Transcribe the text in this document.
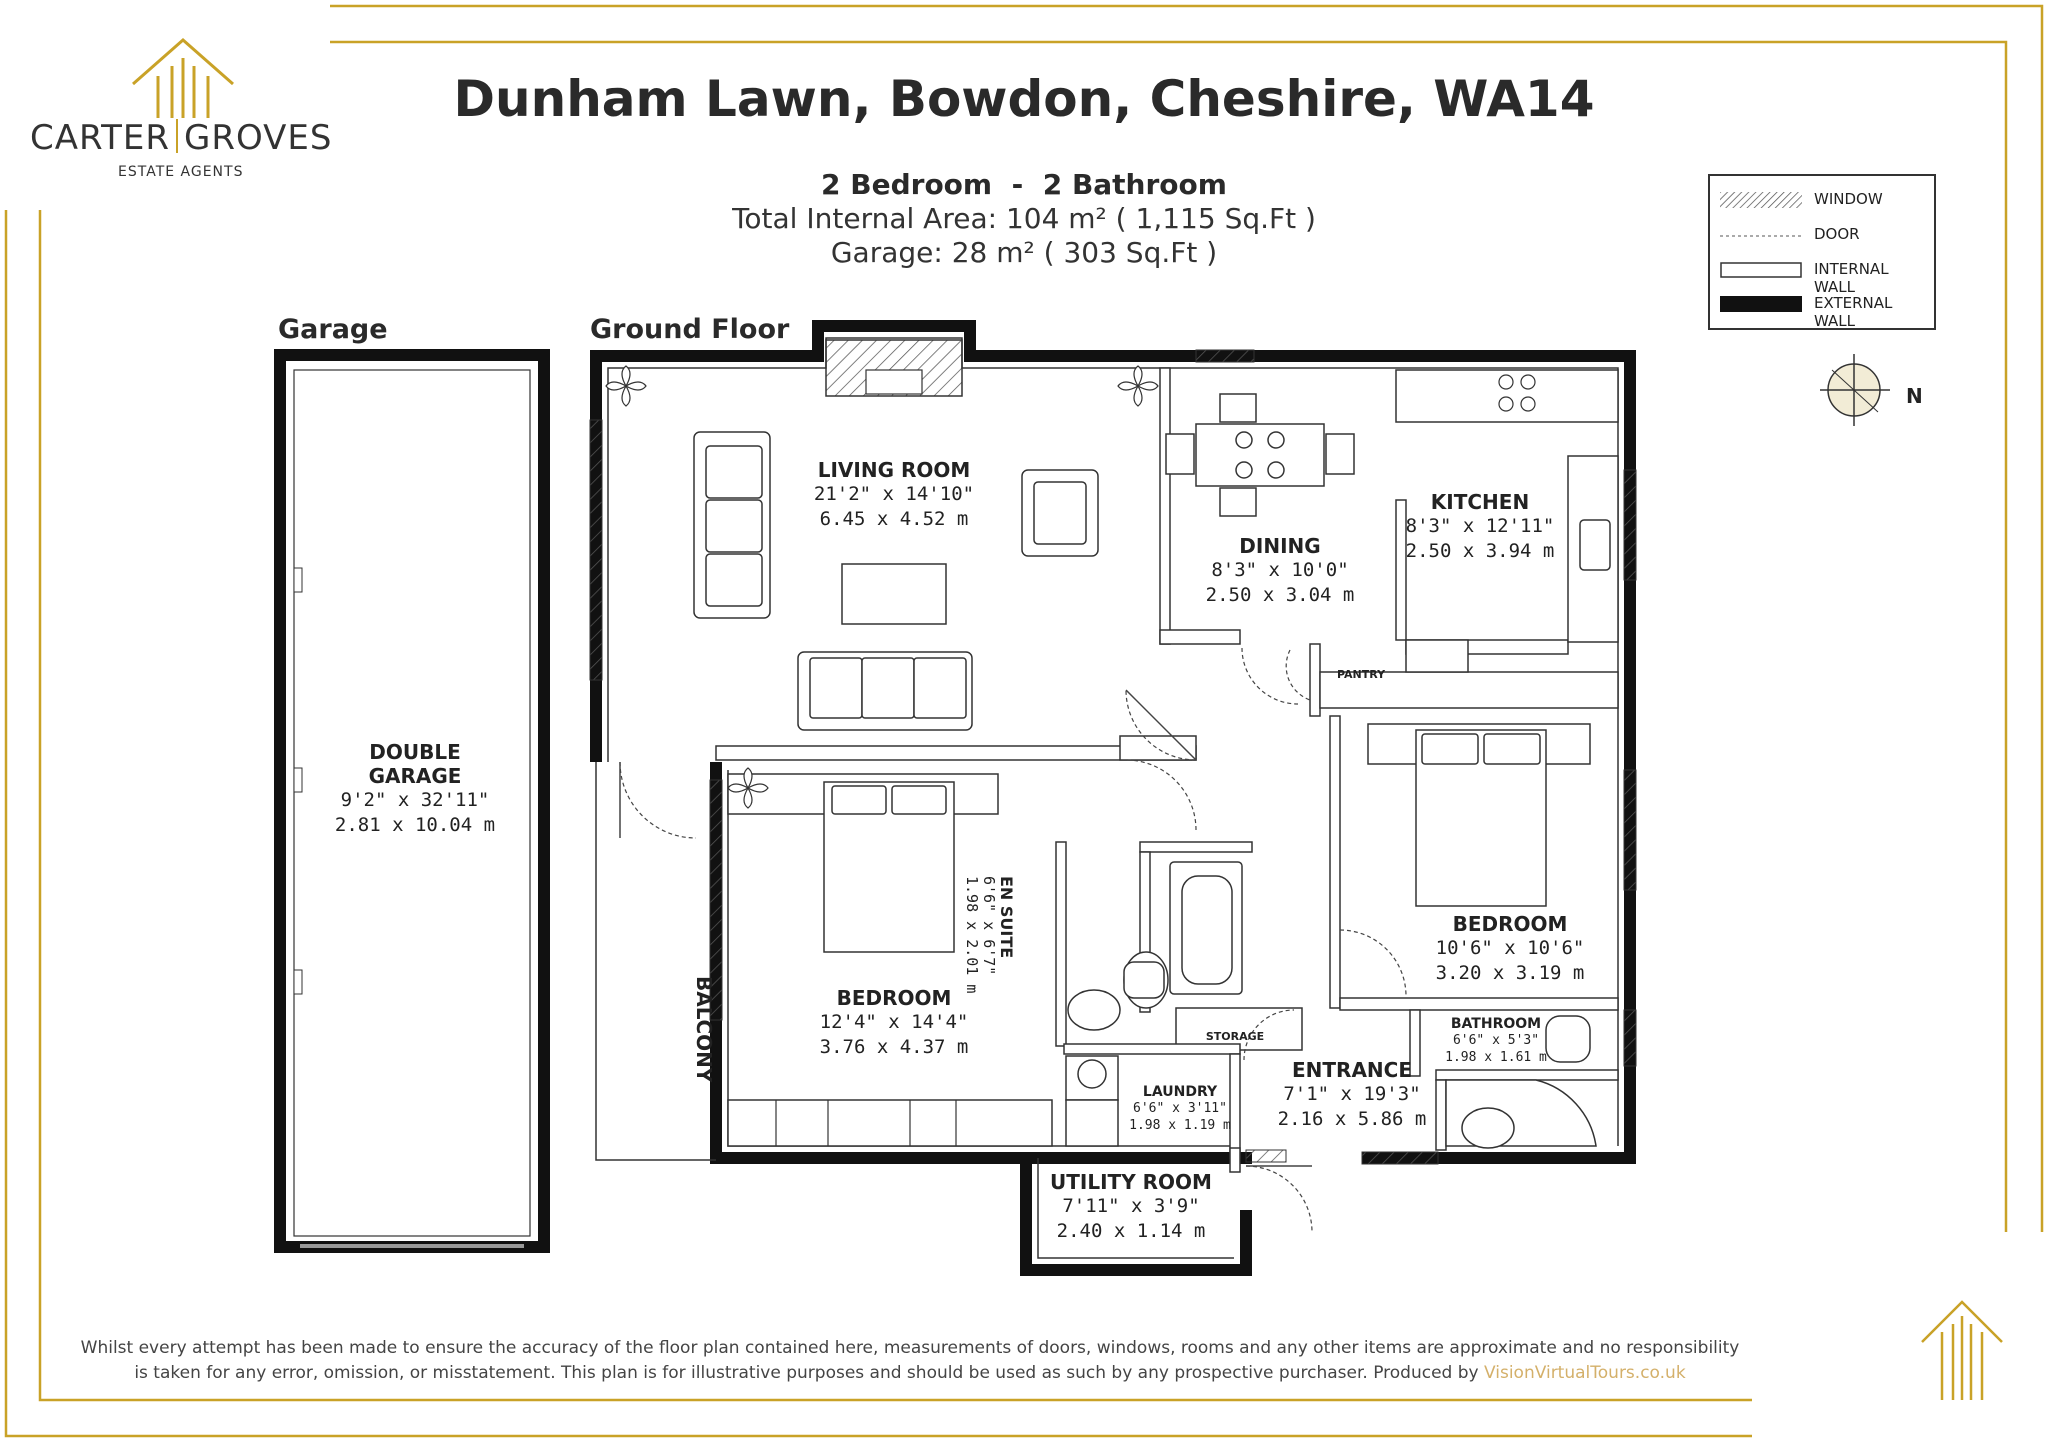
CARTER GROVES
ESTATE AGENTS
Dunham Lawn, Bowdon, Cheshire, WA14
2 Bedroom  -  2 Bathroom
Total Internal Area: 104 m² ( 1,115 Sq.Ft )
Garage: 28 m² ( 303 Sq.Ft )
WINDOW
DOOR
INTERNAL WALL
EXTERNAL WALL
N
Garage	Ground Floor
DOUBLE
GARAGE
9'2" x 32'11"
2.81 x 10.04 m
LIVING ROOM
21'2" x 14'10"
6.45 x 4.52 m
DINING
8'3" x 10'0"
2.50 x 3.04 m
KITCHEN
8'3" x 12'11"
2.50 x 3.94 m
PANTRY
BEDROOM
12'4" x 14'4"
3.76 x 4.37 m
BEDROOM
10'6" x 10'6"
3.20 x 3.19 m
EN SUITE
6'6" x 6'7"
1.98 x 2.01 m
STORAGE
LAUNDRY
6'6" x 3'11"
1.98 x 1.19 m
BATHROOM
6'6" x 5'3"
1.98 x 1.61 m
ENTRANCE
7'1" x 19'3"
2.16 x 5.86 m
UTILITY ROOM
7'11" x 3'9"
2.40 x 1.14 m
BALCONY
Whilst every attempt has been made to ensure the accuracy of the floor plan contained here, measurements of doors, windows, rooms and any other items are approximate and no responsibility
is taken for any error, omission, or misstatement. This plan is for illustrative purposes and should be used as such by any prospective purchaser. Produced by VisionVirtualTours.co.uk
